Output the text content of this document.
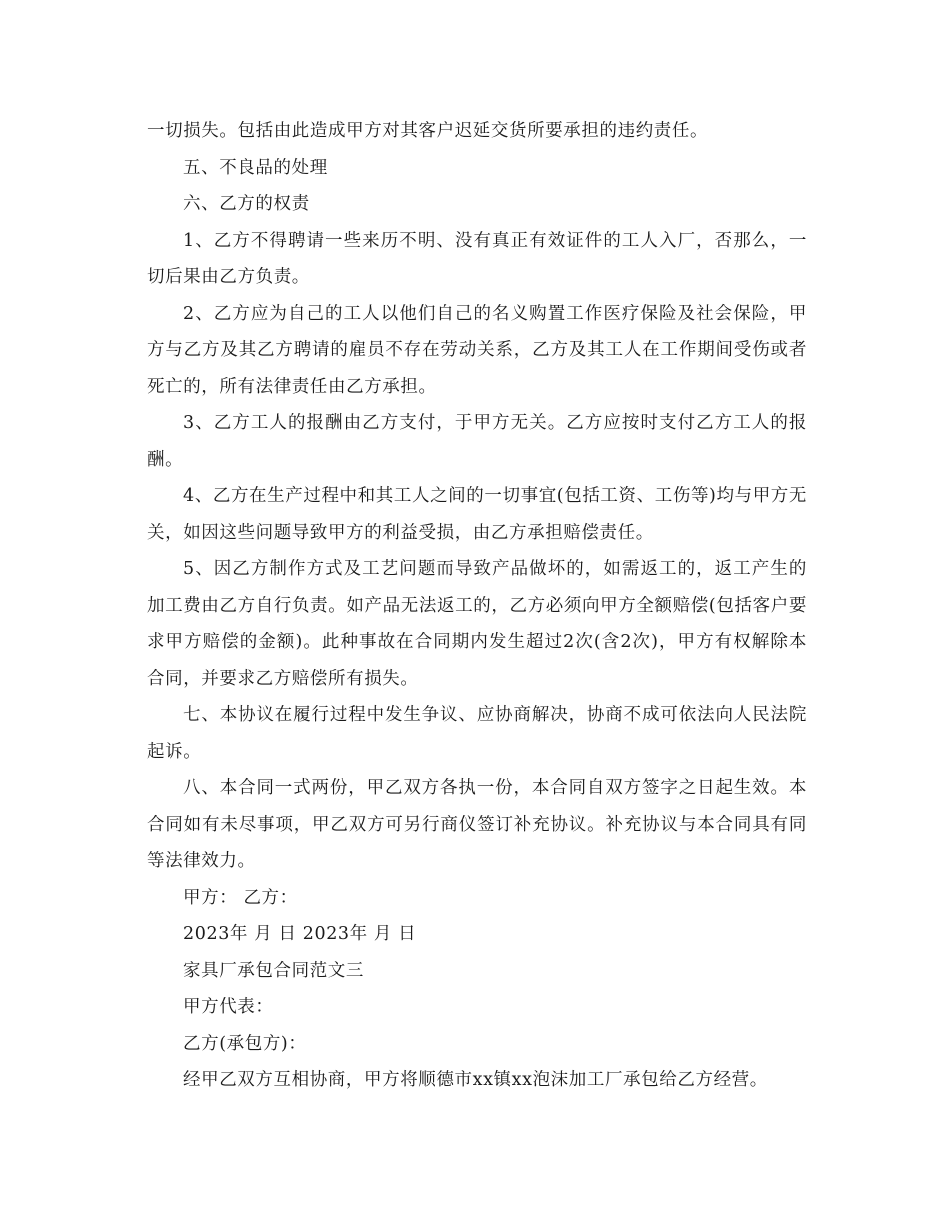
一切损失。包括由此造成甲方对其客户迟延交货所要承担的违约责任。

五、不良品的处理

六、乙方的权责

1、乙方不得聘请一些来历不明、没有真正有效证件的工人入厂，否那么，一切后果由乙方负责。

2、乙方应为自己的工人以他们自己的名义购置工作医疗保险及社会保险，甲方与乙方及其乙方聘请的雇员不存在劳动关系，乙方及其工人在工作期间受伤或者死亡的，所有法律责任由乙方承担。

3、乙方工人的报酬由乙方支付，于甲方无关。乙方应按时支付乙方工人的报酬。

4、乙方在生产过程中和其工人之间的一切事宜(包括工资、工伤等)均与甲方无关，如因这些问题导致甲方的利益受损，由乙方承担赔偿责任。

5、因乙方制作方式及工艺问题而导致产品做坏的，如需返工的，返工产生的加工费由乙方自行负责。如产品无法返工的，乙方必须向甲方全额赔偿(包括客户要求甲方赔偿的金额)。此种事故在合同期内发生超过2次(含2次)，甲方有权解除本合同，并要求乙方赔偿所有损失。

七、本协议在履行过程中发生争议、应协商解决，协商不成可依法向人民法院起诉。

八、本合同一式两份，甲乙双方各执一份，本合同自双方签字之日起生效。本合同如有未尽事项，甲乙双方可另行商仪签订补充协议。补充协议与本合同具有同等法律效力。

甲方： 乙方：

2023年 月 日 2023年 月 日

家具厂承包合同范文三

甲方代表：

乙方(承包方)：

经甲乙双方互相协商，甲方将顺德市xx镇xx泡沫加工厂承包给乙方经营。
